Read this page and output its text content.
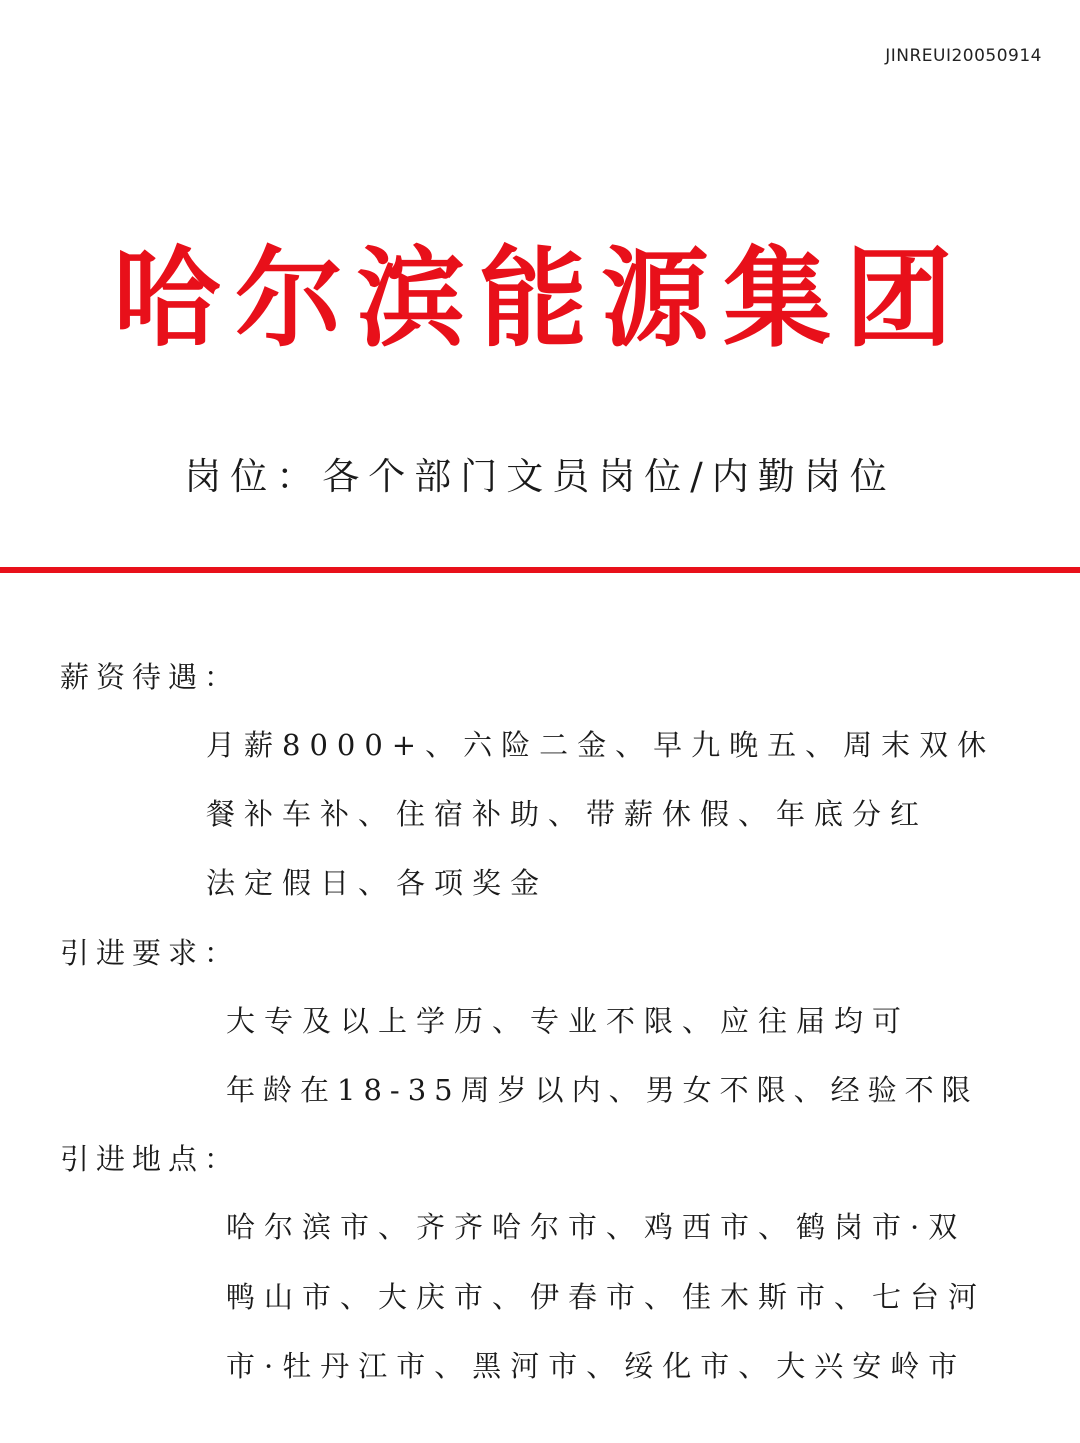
JINREUI20050914
哈尔滨能源集团
岗位：各个部门文员岗位/内勤岗位
薪资待遇：
月薪8000+、六险二金、早九晚五、周末双休
餐补车补、住宿补助、带薪休假、年底分红
法定假日、各项奖金
引进要求：
大专及以上学历、专业不限、应往届均可
年龄在18-35周岁以内、男女不限、经验不限
引进地点：
哈尔滨市、齐齐哈尔市、鸡西市、鹤岗市·双
鸭山市、大庆市、伊春市、佳木斯市、七台河
市·牡丹江市、黑河市、绥化市、大兴安岭市
